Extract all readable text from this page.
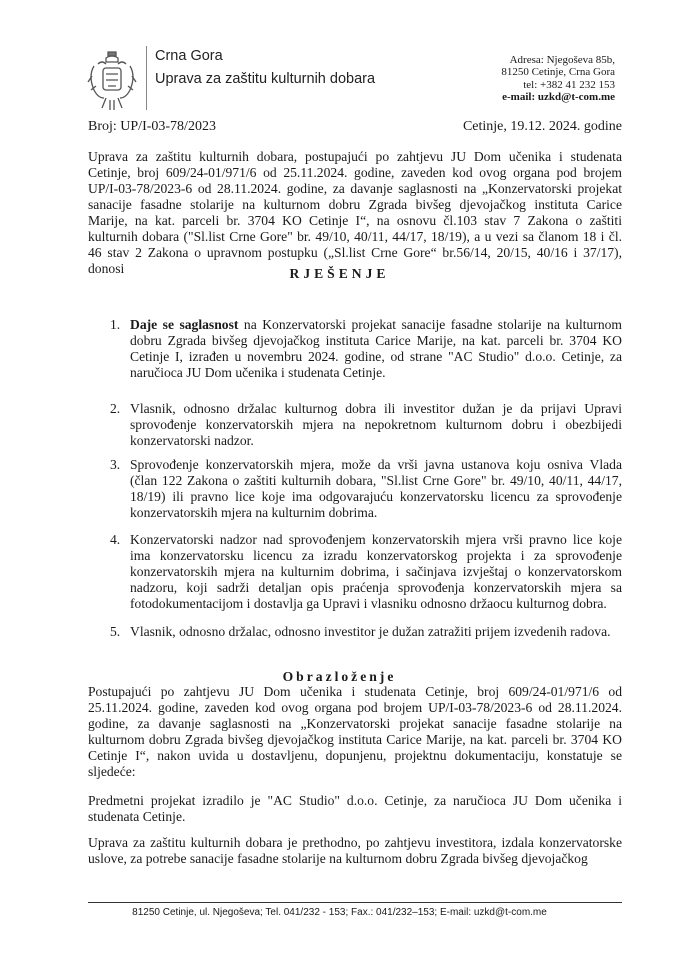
Crna Gora
Uprava za zaštitu kulturnih dobara
Adresa: Njegoševa 85b,
81250 Cetinje, Crna Gora
tel: +382 41 232 153
e-mail: uzkd@t-com.me
Broj: UP/I-03-78/2023	Cetinje, 19.12. 2024. godine
Uprava za zaštitu kulturnih dobara, postupajući po zahtjevu JU Dom učenika i studenata
Cetinje, broj 609/24-01/971/6 od 25.11.2024. godine, zaveden kod ovog organa pod brojem
UP/I-03-78/2023-6 od 28.11.2024. godine, za davanje saglasnosti na „Konzervatorski projekat
sanacije fasadne stolarije na kulturnom dobru Zgrada bivšeg djevojačkog instituta Carice
Marije, na kat. parceli br. 3704 KO Cetinje I“, na osnovu čl.103 stav 7 Zakona o zaštiti
kulturnih dobara ("Sl.list Crne Gore" br. 49/10, 40/11, 44/17, 18/19), a u vezi sa članom 18 i čl.
46 stav 2 Zakona o upravnom postupku („Sl.list Crne Gore“ br.56/14, 20/15, 40/16 i 37/17),
donosi	RJEŠENJE
1. Daje se saglasnost na Konzervatorski projekat sanacije fasadne stolarije na kulturnom
dobru Zgrada bivšeg djevojačkog instituta Carice Marije, na kat. parceli br. 3704 KO
Cetinje I, izrađen u novembru 2024. godine, od strane "AC Studio" d.o.o. Cetinje, za
naručioca JU Dom učenika i studenata Cetinje.
2. Vlasnik, odnosno držalac kulturnog dobra ili investitor dužan je da prijavi Upravi
sprovođenje konzervatorskih mjera na nepokretnom kulturnom dobru i obezbijedi
konzervatorski nadzor.
3. Sprovođenje konzervatorskih mjera, može da vrši javna ustanova koju osniva Vlada
(član 122 Zakona o zaštiti kulturnih dobara, "Sl.list Crne Gore" br. 49/10, 40/11, 44/17,
18/19) ili pravno lice koje ima odgovarajuću konzervatorsku licencu za sprovođenje
konzervatorskih mjera na kulturnim dobrima.
4. Konzervatorski nadzor nad sprovođenjem konzervatorskih mjera vrši pravno lice koje
ima konzervatorsku licencu za izradu konzervatorskog projekta i za sprovođenje
konzervatorskih mjera na kulturnim dobrima, i sačinjava izvještaj o konzervatorskom
nadzoru, koji sadrži detaljan opis praćenja sprovođenja konzervatorskih mjera sa
fotodokumentacijom i dostavlja ga Upravi i vlasniku odnosno držaocu kulturnog dobra.
5. Vlasnik, odnosno držalac, odnosno investitor je dužan zatražiti prijem izvedenih radova.
Obrazloženje
Postupajući po zahtjevu JU Dom učenika i studenata Cetinje, broj 609/24-01/971/6 od
25.11.2024. godine, zaveden kod ovog organa pod brojem UP/I-03-78/2023-6 od 28.11.2024.
godine, za davanje saglasnosti na „Konzervatorski projekat sanacije fasadne stolarije na
kulturnom dobru Zgrada bivšeg djevojačkog instituta Carice Marije, na kat. parceli br. 3704 KO
Cetinje I“, nakon uvida u dostavljenu, dopunjenu, projektnu dokumentaciju, konstatuje se
sljedeće:
Predmetni projekat izradilo je "AC Studio" d.o.o. Cetinje, za naručioca JU Dom učenika i
studenata Cetinje.
Uprava za zaštitu kulturnih dobara je prethodno, po zahtjevu investitora, izdala konzervatorske
uslove, za potrebe sanacije fasadne stolarije na kulturnom dobru Zgrada bivšeg djevojačkog
81250 Cetinje, ul. Njegoševa; Tel. 041/232 - 153; Fax.: 041/232–153; E-mail: uzkd@t-com.me
